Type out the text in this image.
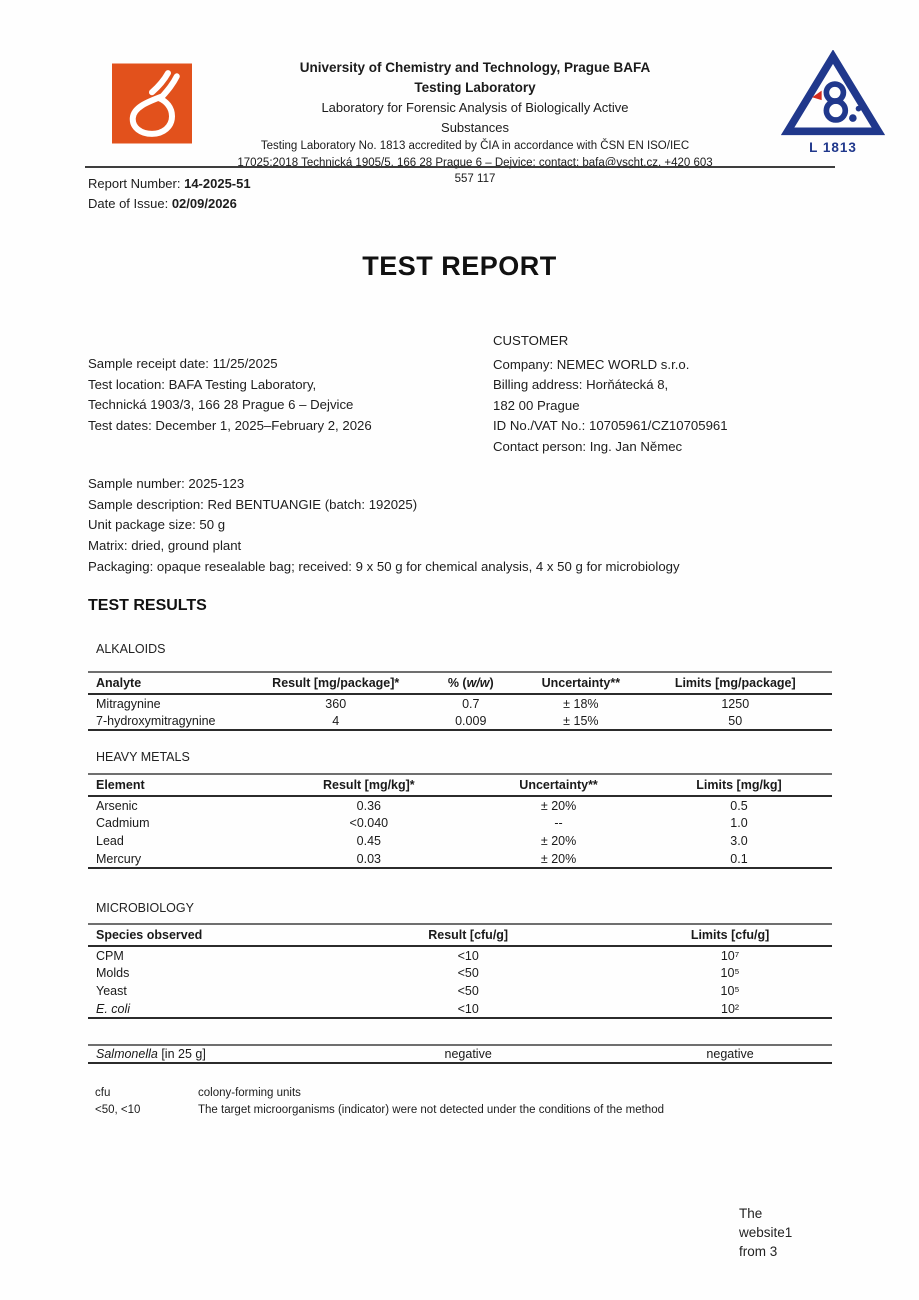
University of Chemistry and Technology, Prague BAFA
Testing Laboratory
Laboratory for Forensic Analysis of Biologically Active
Substances
Testing Laboratory No. 1813 accredited by ČIA in accordance with ČSN EN ISO/IEC
17025:2018 Technická 1905/5, 166 28 Prague 6 – Dejvice; contact: bafa@vscht.cz, +420 603
557 117
L 1813
Report Number: 14-2025-51
Date of Issue: 02/09/2026
TEST REPORT
Sample receipt date: 11/25/2025
Test location: BAFA Testing Laboratory,
Technická 1903/3, 166 28 Prague 6 – Dejvice
Test dates: December 1, 2025–February 2, 2026
CUSTOMER
Company: NEMEC WORLD s.r.o.
Billing address: Horňátecká 8,
182 00 Prague
ID No./VAT No.: 10705961/CZ10705961
Contact person: Ing. Jan Němec
Sample number: 2025-123
Sample description: Red BENTUANGIE (batch: 192025)
Unit package size: 50 g
Matrix: dried, ground plant
Packaging: opaque resealable bag; received: 9 x 50 g for chemical analysis, 4 x 50 g for microbiology
TEST RESULTS
ALKALOIDS
Analyte	Result [mg/package]*	% (w/w)	Uncertainty**	Limits [mg/package]
Mitragynine	360	0.7	± 18%	1250
7-hydroxymitragynine	4	0.009	± 15%	50
HEAVY METALS
Element	Result [mg/kg]*	Uncertainty**	Limits [mg/kg]
Arsenic	0.36	± 20%	0.5
Cadmium	<0.040	--	1.0
Lead	0.45	± 20%	3.0
Mercury	0.03	± 20%	0.1
MICROBIOLOGY
Species observed	Result [cfu/g]	Limits [cfu/g]
CPM	<10	10⁷
Molds	<50	10⁵
Yeast	<50	10⁵
E. coli	<10	10²
Salmonella [in 25 g]	negative	negative
cfu	colony-forming units
<50, <10	The target microorganisms (indicator) were not detected under the conditions of the method
The
website1
from 3
